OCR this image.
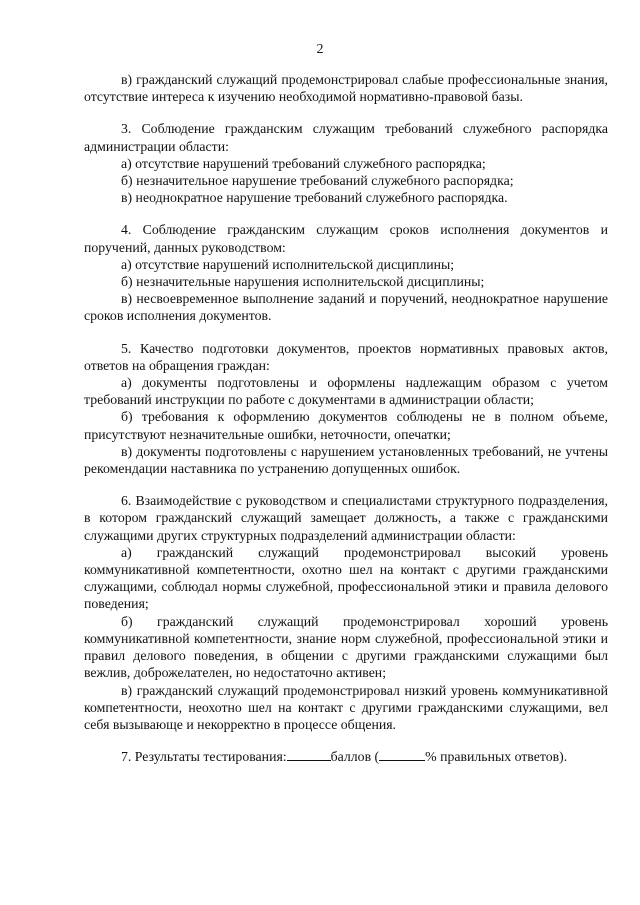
2

в) гражданский служащий продемонстрировал слабые профессиональные знания, отсутствие интереса к изучению необходимой нормативно-правовой базы.

3. Соблюдение гражданским служащим требований служебного распорядка администрации области:

а) отсутствие нарушений требований служебного распорядка;

б) незначительное нарушение требований служебного распорядка;

в) неоднократное нарушение требований служебного распорядка.

4. Соблюдение гражданским служащим сроков исполнения документов и поручений, данных руководством:

а) отсутствие нарушений исполнительской дисциплины;

б) незначительные нарушения исполнительской дисциплины;

в) несвоевременное выполнение заданий и поручений, неоднократное нарушение сроков исполнения документов.

5. Качество подготовки документов, проектов нормативных правовых актов, ответов на обращения граждан:

а) документы подготовлены и оформлены надлежащим образом с учетом требований инструкции по работе с документами в администрации области;

б) требования к оформлению документов соблюдены не в полном объеме, присутствуют незначительные ошибки, неточности, опечатки;

в) документы подготовлены с нарушением установленных требований, не учтены рекомендации наставника по устранению допущенных ошибок.

6. Взаимодействие с руководством и специалистами структурного подразделения, в котором гражданский служащий замещает должность, а также с гражданскими служащими других структурных подразделений администрации области:

а) гражданский служащий продемонстрировал высокий уровень коммуникативной компетентности, охотно шел на контакт с другими гражданскими служащими, соблюдал нормы служебной, профессиональной этики и правила делового поведения;

б) гражданский служащий продемонстрировал хороший уровень коммуникативной компетентности, знание норм служебной, профессиональной этики и правил делового поведения, в общении с другими гражданскими служащими был вежлив, доброжелателен, но недостаточно активен;

в) гражданский служащий продемонстрировал низкий уровень коммуникативной компетентности, неохотно шел на контакт с другими гражданскими служащими, вел себя вызывающе и некорректно в процессе общения.

7. Результаты тестирования:	баллов (	% правильных ответов).
